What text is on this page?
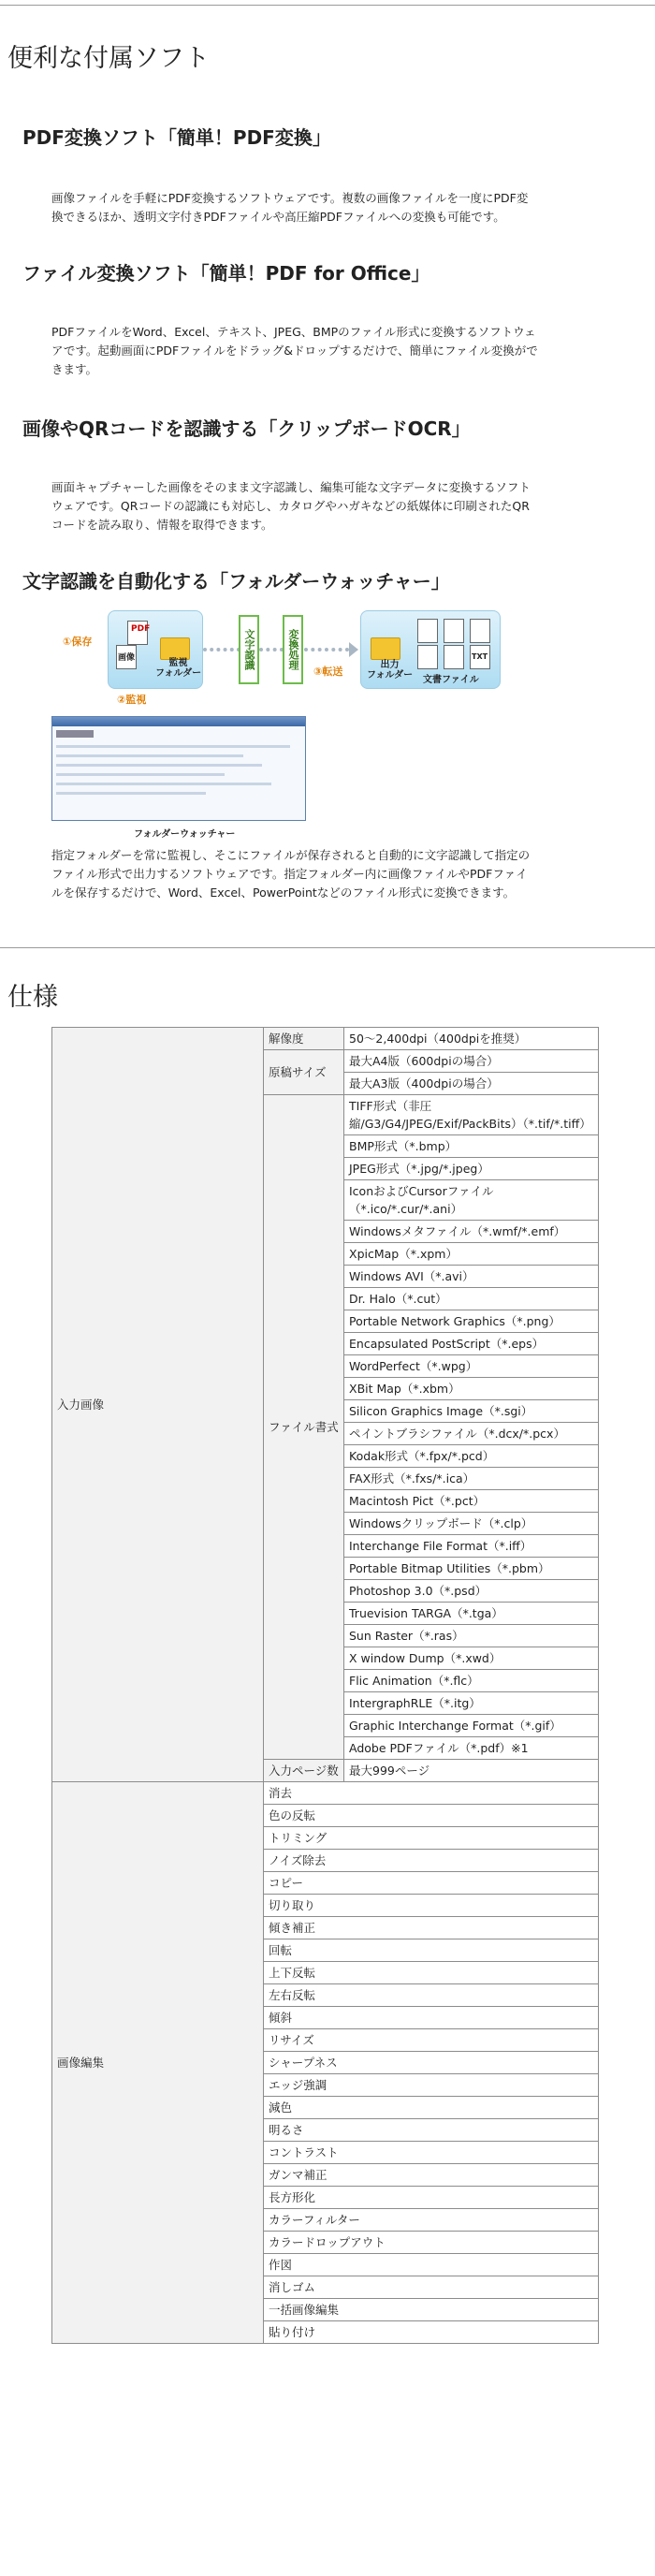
便利な付属ソフト
PDF変換ソフト「簡単！PDF変換」

画像ファイルを手軽にPDF変換するソフトウェアです。複数の画像ファイルを一度にPDF変
換できるほか、透明文字付きPDFファイルや高圧縮PDFファイルへの変換も可能です。

ファイル変換ソフト「簡単！PDF for Office」

PDFファイルをWord、Excel、テキスト、JPEG、BMPのファイル形式に変換するソフトウェ
アです。起動画面にPDFファイルをドラッグ&ドロップするだけで、簡単にファイル変換がで
きます。

画像やQRコードを認識する「クリップボードOCR」

画面キャプチャーした画像をそのまま文字認識し、編集可能な文字データに変換するソフト
ウェアです。QRコードの認識にも対応し、カタログやハガキなどの紙媒体に印刷されたQR
コードを読み取り、情報を取得できます。

文字認識を自動化する「フォルダーウォッチャー」
①保存
PDF
画像	監視
フォルダー
文字認識	変換処理
③転送
出力
フォルダー
TXT
文書ファイル
②監視
フォルダーウォッチャー

指定フォルダーを常に監視し、そこにファイルが保存されると自動的に文字認識して指定の
ファイル形式で出力するソフトウェアです。指定フォルダー内に画像ファイルやPDFファイ
ルを保存するだけで、Word、Excel、PowerPointなどのファイル形式に変換できます。

仕様
入力画像	解像度	50～2,400dpi（400dpiを推奨）
	原稿サイズ	最大A4版（600dpiの場合）
		最大A3版（400dpiの場合）
	ファイル書式	TIFF形式（非圧縮/G3/G4/JPEG/Exif/PackBits）（*.tif/*.tiff）
		BMP形式（*.bmp）
		JPEG形式（*.jpg/*.jpeg）
		IconおよびCursorファイル（*.ico/*.cur/*.ani）
		Windowsメタファイル（*.wmf/*.emf）
		XpicMap（*.xpm）
		Windows AVI（*.avi）
		Dr. Halo（*.cut）
		Portable Network Graphics（*.png）
		Encapsulated PostScript（*.eps）
		WordPerfect（*.wpg）
		XBit Map（*.xbm）
		Silicon Graphics Image（*.sgi）
		ペイントブラシファイル（*.dcx/*.pcx）
		Kodak形式（*.fpx/*.pcd）
		FAX形式（*.fxs/*.ica）
		Macintosh Pict（*.pct）
		Windowsクリップボード（*.clp）
		Interchange File Format（*.iff）
		Portable Bitmap Utilities（*.pbm）
		Photoshop 3.0（*.psd）
		Truevision TARGA（*.tga）
		Sun Raster（*.ras）
		X window Dump（*.xwd）
		Flic Animation（*.flc）
		IntergraphRLE（*.itg）
		Graphic Interchange Format（*.gif）
		Adobe PDFファイル（*.pdf）※1
	入力ページ数	最大999ページ
画像編集	消去	
	色の反転	
	トリミング	
	ノイズ除去	
	コピー	
	切り取り	
	傾き補正	
	回転	
	上下反転	
	左右反転	
	傾斜	
	リサイズ	
	シャープネス	
	エッジ強調	
	減色	
	明るさ	
	コントラスト	
	ガンマ補正	
	長方形化	
	カラーフィルター	
	カラードロップアウト	
	作図	
	消しゴム	
	一括画像編集	
	貼り付け	
